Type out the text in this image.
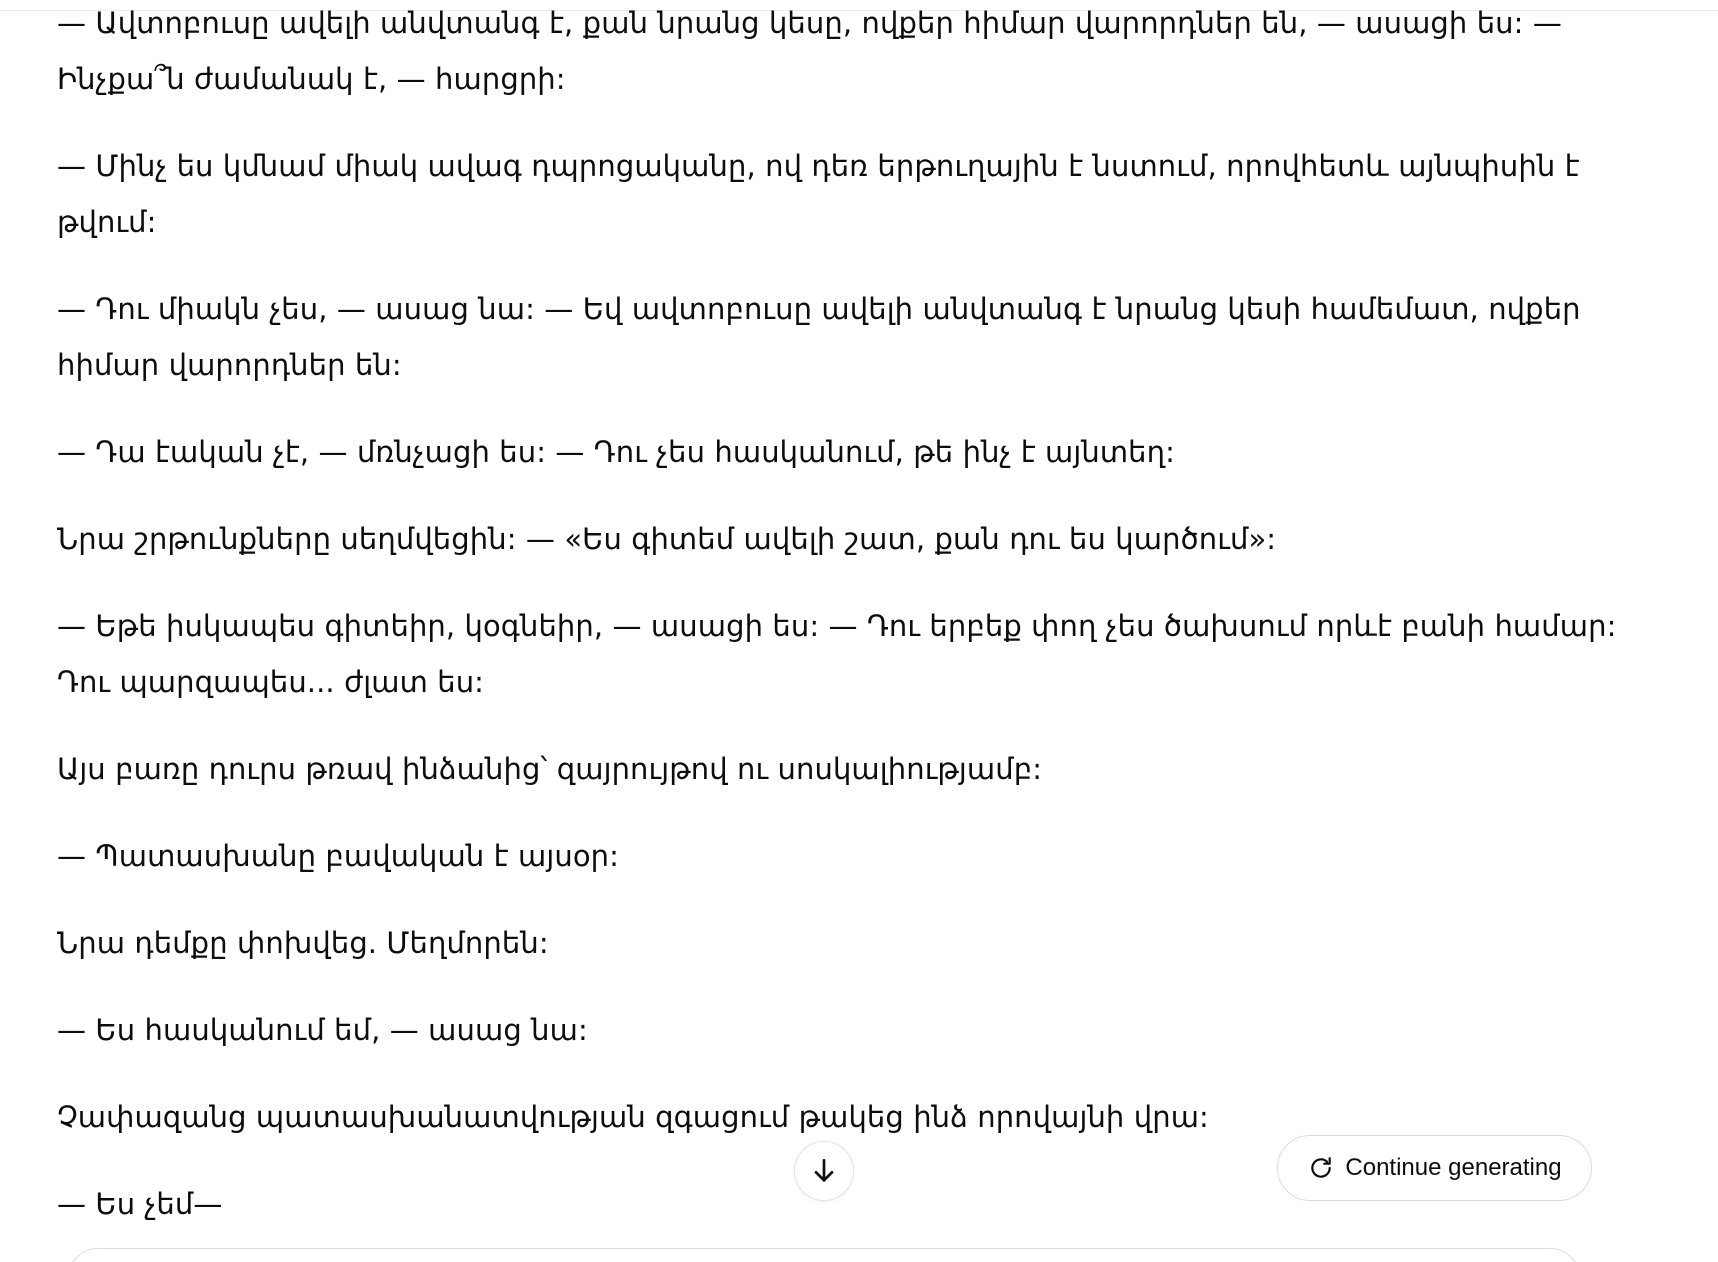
— Ավտոբուսը ավելի անվտանգ է, քան նրանց կեսը, ովքեր հիմար վարորդներ են, — ասացի ես: — Ինչքա՞ն ժամանակ է, — հարցրի:

— Մինչ ես կմնամ միակ ավագ դպրոցականը, ով դեռ երթուղային է նստում, որովհետև այնպիսին է թվում:

— Դու միակն չես, — ասաց նա: — Եվ ավտոբուսը ավելի անվտանգ է նրանց կեսի համեմատ, ովքեր հիմար վարորդներ են:

— Դա էական չէ, — մռնչացի ես: — Դու չես հասկանում, թե ինչ է այնտեղ:

Նրա շրթունքները սեղմվեցին: — «Ես գիտեմ ավելի շատ, քան դու ես կարծում»:

— Եթե իսկապես գիտեիր, կօգնեիր, — ասացի ես: — Դու երբեք փող չես ծախսում որևէ բանի համար: Դու պարզապես... ժլատ ես:

Այս բառը դուրս թռավ ինձանից՝ զայրույթով ու սոսկալիությամբ:

— Պատասխանը բավական է այսօր:

Նրա դեմքը փոխվեց. Մեղմորեն:

— Ես հասկանում եմ, — ասաց նա:

Չափազանց պատասխանատվության զգացում թակեց ինձ որովայնի վրա:

— Ես չեմ—

Continue generating
